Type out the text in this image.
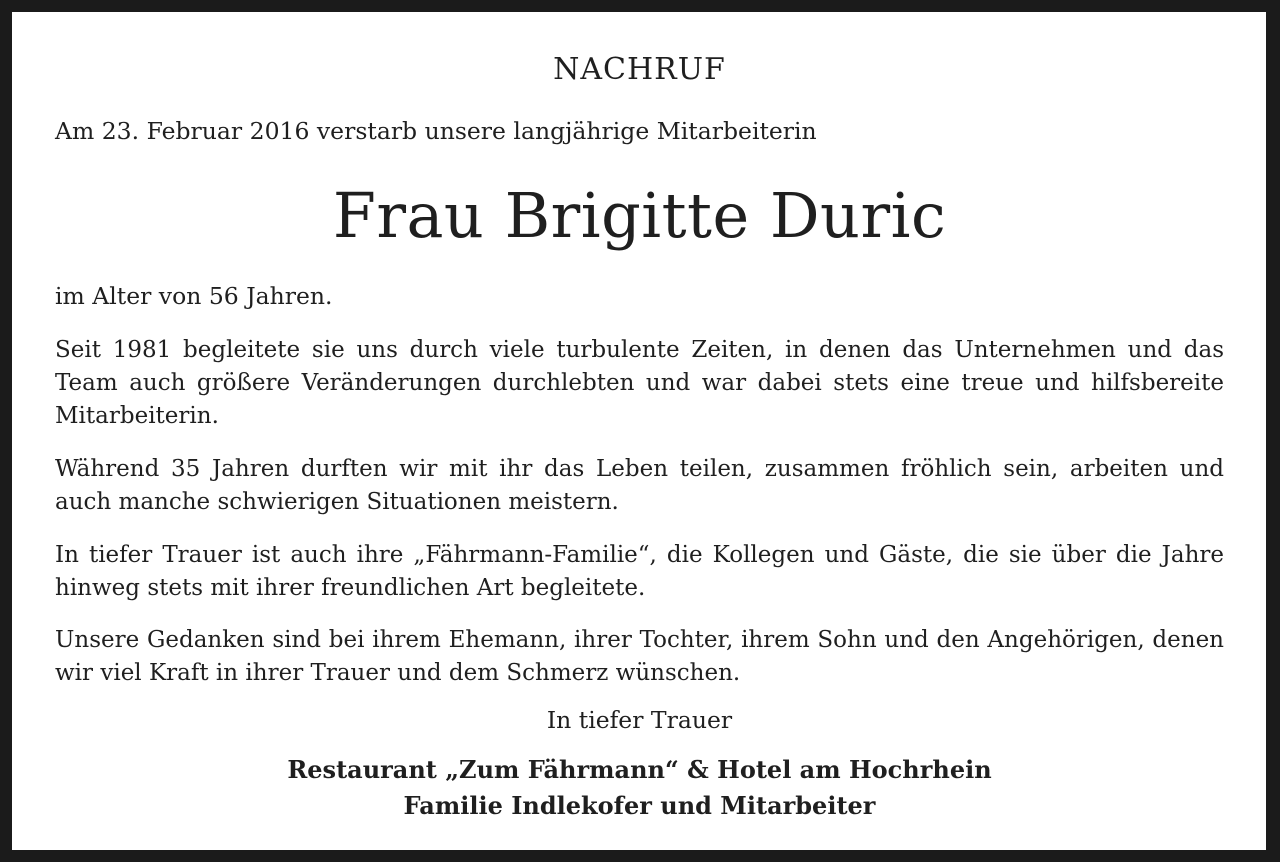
NACHRUF

Am 23. Februar 2016 verstarb unsere langjährige Mitarbeiterin

Frau Brigitte Duric

im Alter von 56 Jahren.

Seit 1981 begleitete sie uns durch viele turbulente Zeiten, in denen das Unternehmen und das Team auch größere Veränderungen durchlebten und war dabei stets eine treue und hilfsbereite Mitarbeiterin.

Während 35 Jahren durften wir mit ihr das Leben teilen, zusammen fröhlich sein, arbeiten und auch manche schwierigen Situationen meistern.

In tiefer Trauer ist auch ihre „Fährmann-Familie“, die Kollegen und Gäste, die sie über die Jahre hinweg stets mit ihrer freundlichen Art begleitete.

Unsere Gedanken sind bei ihrem Ehemann, ihrer Tochter, ihrem Sohn und den Angehörigen, denen wir viel Kraft in ihrer Trauer und dem Schmerz wünschen.

In tiefer Trauer

Restaurant „Zum Fährmann“ & Hotel am Hochrhein

Familie Indlekofer und Mitarbeiter
